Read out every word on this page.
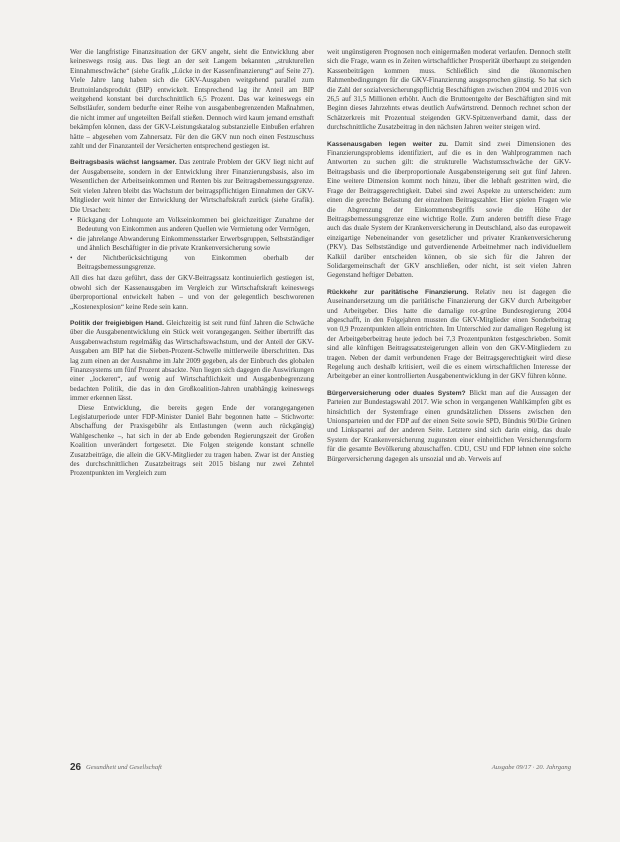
Wer die langfristige Finanzsituation der GKV angeht, sieht die Entwicklung aber keineswegs rosig aus. Das liegt an der seit Langem bekannten „strukturellen Einnahmeschwäche“ (siehe Grafik „Lücke in der Kassenfinanzierung“ auf Seite 27). Viele Jahre lang haben sich die GKV-Ausgaben weitgehend parallel zum Bruttoinlandsprodukt (BIP) entwickelt. Entsprechend lag ihr Anteil am BIP weitgehend konstant bei durchschnittlich 6,5 Prozent. Das war keineswegs ein Selbstläufer, sondern bedurfte einer Reihe von ausgabenbegrenzenden Maßnahmen, die nicht immer auf ungeteilten Beifall stießen. Dennoch wird kaum jemand ernsthaft bekämpfen können, dass der GKV-Leistungskatalog substanzielle Einbußen erfahren hätte – abgesehen vom Zahnersatz. Für den die GKV nun noch einen Festzuschuss zahlt und der Finanzanteil der Versicherten entsprechend gestiegen ist.

Beitragsbasis wächst langsamer. Das zentrale Problem der GKV liegt nicht auf der Ausgabenseite, sondern in der Entwicklung ihrer Finanzierungsbasis, also im Wesentlichen der Arbeitseinkommen und Renten bis zur Beitragsbemessungsgrenze. Seit vielen Jahren bleibt das Wachstum der beitragspflichtigen Einnahmen der GKV-Mitglieder weit hinter der Entwicklung der Wirtschaftskraft zurück (siehe Grafik). Die Ursachen:

• Rückgang der Lohnquote am Volkseinkommen bei gleichzeitiger Zunahme der Bedeutung von Einkommen aus anderen Quellen wie Vermietung oder Vermögen,
• die jahrelange Abwanderung Einkommensstarker Erwerbsgruppen, Selbstständiger und ähnlich Beschäftigter in die private Krankenversicherung sowie
• der Nichtberücksichtigung von Einkommen oberhalb der Beitragsbemessungsgrenze.

All dies hat dazu geführt, dass der GKV-Beitragssatz kontinuierlich gestiegen ist, obwohl sich der Kassenausgaben im Vergleich zur Wirtschaftskraft keineswegs überproportional entwickelt haben – und von der gelegentlich beschworenen „Kostenexplosion“ keine Rede sein kann.

Politik der freigiebigen Hand. Gleichzeitig ist seit rund fünf Jahren die Schwäche über die Ausgabenentwicklung ein Stück weit vorangegangen. Seither übertrifft das Ausgabenwachstum regelmäßig das Wirtschaftswachstum, und der Anteil der GKV-Ausgaben am BIP hat die Sieben-Prozent-Schwelle mittlerweile überschritten. Das lag zum einen an der Ausnahme im Jahr 2009 gegeben, als der Einbruch des globalen Finanzsystems um fünf Prozent absackte. Nun liegen sich dagegen die Auswirkungen einer „lockeren“, auf wenig auf Wirtschaftlichkeit und Ausgabenbegrenzung bedachten Politik, die das in den Großkoalition-Jahren unabhängig keineswegs immer erkennen lässt.

Diese Entwicklung, die bereits gegen Ende der vorangegangenen Legislaturperiode unter FDP-Minister Daniel Bahr begonnen hatte – Stichworte: Abschaffung der Praxisgebühr als Entlastungen (wenn auch rückgängig) Wahlgeschenke –, hat sich in der ab Ende gebenden Regierungszeit der Großen Koalition unverändert fortgesetzt. Die Folgen steigende konstant schnelle Zusatzbeiträge, die allein die GKV-Mitglieder zu tragen haben. Zwar ist der Anstieg des durchschnittlichen Zusatzbeitrags seit 2015 bislang nur zwei Zehntel Prozentpunkten im Vergleich zum

weit ungünstigeren Prognosen noch einigermaßen moderat verlaufen. Dennoch stellt sich die Frage, wann es in Zeiten wirtschaftlicher Prosperität überhaupt zu steigenden Kassenbeiträgen kommen muss. Schließlich sind die ökonomischen Rahmenbedingungen für die GKV-Finanzierung ausgesprochen günstig. So hat sich die Zahl der sozialversicherungspflichtig Beschäftigten zwischen 2004 und 2016 von 26,5 auf 31,5 Millionen erhöht. Auch die Bruttoentgelte der Beschäftigten sind mit Beginn dieses Jahrzehnts etwas deutlich Aufwärtstrend. Dennoch rechnet schon der Schätzerkreis mit Prozentual steigenden GKV-Spitzenverband damit, dass der durchschnittliche Zusatzbeitrag in den nächsten Jahren weiter steigen wird.

Kassenausgaben legen weiter zu. Damit sind zwei Dimensionen des Finanzierungsproblems identifiziert, auf die es in den Wahlprogrammen nach Antworten zu suchen gilt: die strukturelle Wachstumsschwäche der GKV-Beitragsbasis und die überproportionale Ausgabensteigerung seit gut fünf Jahren. Eine weitere Dimension kommt noch hinzu, über die lebhaft gestritten wird, die Frage der Beitragsgerechtigkeit. Dabei sind zwei Aspekte zu unterscheiden: zum einen die gerechte Belastung der einzelnen Beitragszahler. Hier spielen Fragen wie die Abgrenzung der Einkommensbegriffs sowie die Höhe der Beitragsbemessungsgrenze eine wichtige Rolle. Zum anderen betrifft diese Frage auch das duale System der Krankenversicherung in Deutschland, also das europaweit einzigartige Nebeneinander von gesetzlicher und privater Krankenversicherung (PKV). Das Selbstständige und gutverdienende Arbeitnehmer nach individuellem Kalkül darüber entscheiden können, ob sie sich für die Jahren der Solidargemeinschaft der GKV anschließen, oder nicht, ist seit vielen Jahren Gegenstand heftiger Debatten.

Rückkehr zur paritätische Finanzierung. Relativ neu ist dagegen die Auseinandersetzung um die paritätische Finanzierung der GKV durch Arbeitgeber und Arbeitgeber. Dies hatte die damalige rot-grüne Bundesregierung 2004 abgeschafft, in den Folgejahren mussten die GKV-Mitglieder einen Sonderbeitrag von 0,9 Prozentpunkten allein entrichten. Im Unterschied zur damaligen Regelung ist der Arbeitgeberbeitrag heute jedoch bei 7,3 Prozentpunkten festgeschrieben. Somit sind alle künftigen Beitragssatzsteigerungen allein von den GKV-Mitgliedern zu tragen. Neben der damit verbundenen Frage der Beitragsgerechtigkeit wird diese Regelung auch deshalb kritisiert, weil die es einem wirtschaftlichen Interesse der Arbeitgeber an einer kontrollierten Ausgabenentwicklung in der GKV führen könne.

Bürgerversicherung oder duales System? Blickt man auf die Aussagen der Parteien zur Bundestagswahl 2017. Wie schon in vergangenen Wahlkämpfen gibt es hinsichtlich der Systemfrage einen grundsätzlichen Dissens zwischen den Unionsparteien und der FDP auf der einen Seite sowie SPD, Bündnis 90/Die Grünen und Linkspartei auf der anderen Seite. Letztere sind sich darin einig, das duale System der Krankenversicherung zugunsten einer einheitlichen Versicherungsform für die gesamte Bevölkerung abzuschaffen. CDU, CSU und FDP lehnen eine solche Bürgerversicherung dagegen als unsozial und ab. Verweis auf

26 Gesundheit und Gesellschaft	Ausgabe 09/17 · 20. Jahrgang
